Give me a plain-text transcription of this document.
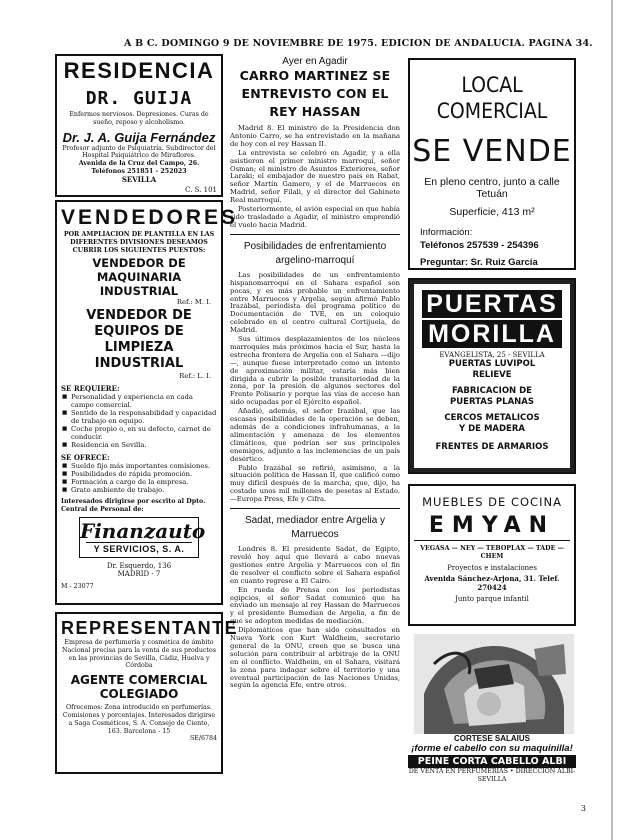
A B C. DOMINGO 9 DE NOVIEMBRE DE 1975. EDICION DE ANDALUCIA. PAGINA 34.
RESIDENCIA
DR. GUIJA
Enfermos nerviosos. Depresiones. Curas de sueño, reposo y alcoholismo.
Dr. J. A. Guija Fernández
Profesor adjunto de Psiquiatría. Subdirector del Hospital Psiquiátrico de Miraflores.
Avenida de la Cruz del Campo, 26. Teléfonos 251851 - 252023
SEVILLA
C. S. 101
VENDEDORES
POR AMPLIACION DE PLANTILLA EN LAS DIFERENTES DIVISIONES DESEAMOS CUBRIR LOS SIGUIENTES PUESTOS:
VENDEDOR DE MAQUINARIA INDUSTRIAL
Ref.: M. I.
VENDEDOR DE EQUIPOS DE LIMPIEZA INDUSTRIAL
Ref.: L. I.
SE REQUIERE:
■ Personalidad y experiencia en cada campo comercial.
■ Sentido de la responsabilidad y capacidad de trabajo en equipo.
■ Coche propio o, en su defecto, carnet de conducir.
■ Residencia en Sevilla.
SE OFRECE:
■ Sueldo fijo más importantes comisiones.
■ Posibilidades de rápida promoción.
■ Formación a cargo de la empresa.
■ Grato ambiente de trabajo.
Interesados dirigirse por escrito al Dpto. Central de Personal de:
Finanzauto
Y SERVICIOS, S. A.
Dr. Esquerdo, 136
MADRID - 7
M - 23077
REPRESENTANTE
Empresa de perfumería y cosmética de ámbito Nacional precisa para la venta de sus productos en las provincias de Sevilla, Cádiz, Huelva y Córdoba
AGENTE COMERCIAL COLEGIADO
Ofrecemos: Zona introducido en perfumerías. Comisiones y porcentajes. Interesados dirigirse a Saga Cosméticos, S. A. Consejo de Ciento, 163. Barcelona - 15
SE/6784
Ayer en Agadir
CARRO MARTINEZ SE ENTREVISTO CON EL REY HASSAN

Madrid 8. El ministro de la Presidencia don Antonio Carro, se ha entrevistado en la mañana de hoy con el rey Hassan II.

La entrevista se celebró en Agadir, y a ella asistieron el primer ministro marroquí, señor Osman; el ministro de Asuntos Exteriores, señor Laraki; el embajador de nuestro país en Rabat, señor Martín Gamero, y el de Marruecos en Madrid, señor Filali, y el director del Gabinete Real marroquí.

Posteriormente, el avión especial en que había sido trasladado a Agadir, el ministro emprendió el vuelo hacia Madrid.

Posibilidades de enfrentamiento argelino-marroquí

Las posibilidades de un enfrentamiento hispanomarroquí en el Sahara español son pocas, y es más probable un enfrentamiento entre Marruecos y Argelia, según afirmó Pablo Irazábal, periodista del programa político de Documentación de TVE, en un coloquio celebrado en el centro cultural Cortijuela, de Madrid.

Sus últimos desplazamientos de los núcleos marroquíes más próximos hacia el Sur, hasta la estrecha frontera de Argelia con el Sahara —dijo—, aunque fuese interpretado como un intento de aproximación militar, estaría más bien dirigida a cubrir la posible transitoriedad de la zona, por la presión de algunos sectores del Frente Polisario y porque las vías de acceso han sido ocupadas por el Ejército español.

Añadió, además, el señor Irazábal, que las escasas posibilidades de la operación se deben, además de a condiciones infrahumanas, a la alimentación y amenaza de los elementos climáticos, que podrían ser sus principales enemigos, adjunto a las inclemencias de un país desértico.

Pablo Irazábal se refirió, asimismo, a la situación política de Hassan II, que calificó como muy difícil después de la marcha, que, dijo, ha costado unos mil millones de pesetas al Estado.—Europa Press, Efe y Cifra.

Sadat, mediador entre Argelia y Marruecos

Londres 8. El presidente Sadat, de Egipto, reveló hoy aquí que llevará a cabo nuevas gestiones entre Argelia y Marruecos con el fin de resolver el conflicto sobre el Sahara español en cuanto regrese a El Cairo.

En rueda de Prensa con los periodistas egipcios, el señor Sadat comunicó que ha enviado un mensaje al rey Hassan de Marruecos y el presidente Bumedian de Argelia, a fin de que se adopten medidas de mediación.

Diplomáticos que han sido consultados en Nueva York con Kurt Waldheim, secretario general de la ONU, creen que se busca una solución para contribuir al arbitraje de la ONU en el conflicto. Waldheim, en el Sahara, visitará la zona para indagar sobre el territorio y una eventual participación de las Naciones Unidas, según la agencia Efe, entre otros.

LOCAL COMERCIAL
SE VENDE
En pleno centro, junto a calle Tetuán
Superficie, 413 m²
Información:
Teléfonos 257539 - 254396
Preguntar: Sr. Ruiz García
PUERTAS
MORILLA
EVANGELISTA, 25 - SEVILLA
PUERTAS LUVIPOL
RELIEVE
FABRICACION DE
PUERTAS PLANAS
CERCOS METALICOS
Y DE MADERA
FRENTES DE ARMARIOS
MUEBLES DE COCINA
EMYAN
VEGASA — NEY — TEBOPLAX — TADE — CHEM
Proyectos e instalaciones
Avenida Sánchez-Arjona, 31. Telef. 270424
Junto parque infantil
CORTESE SALAIUS
¡forme el cabello con su maquinilla!
PEINE CORTA CABELLO ALBI
DE VENTA EN PERFUMERIAS • DIRECCION ALBI-SEVILLA
3
